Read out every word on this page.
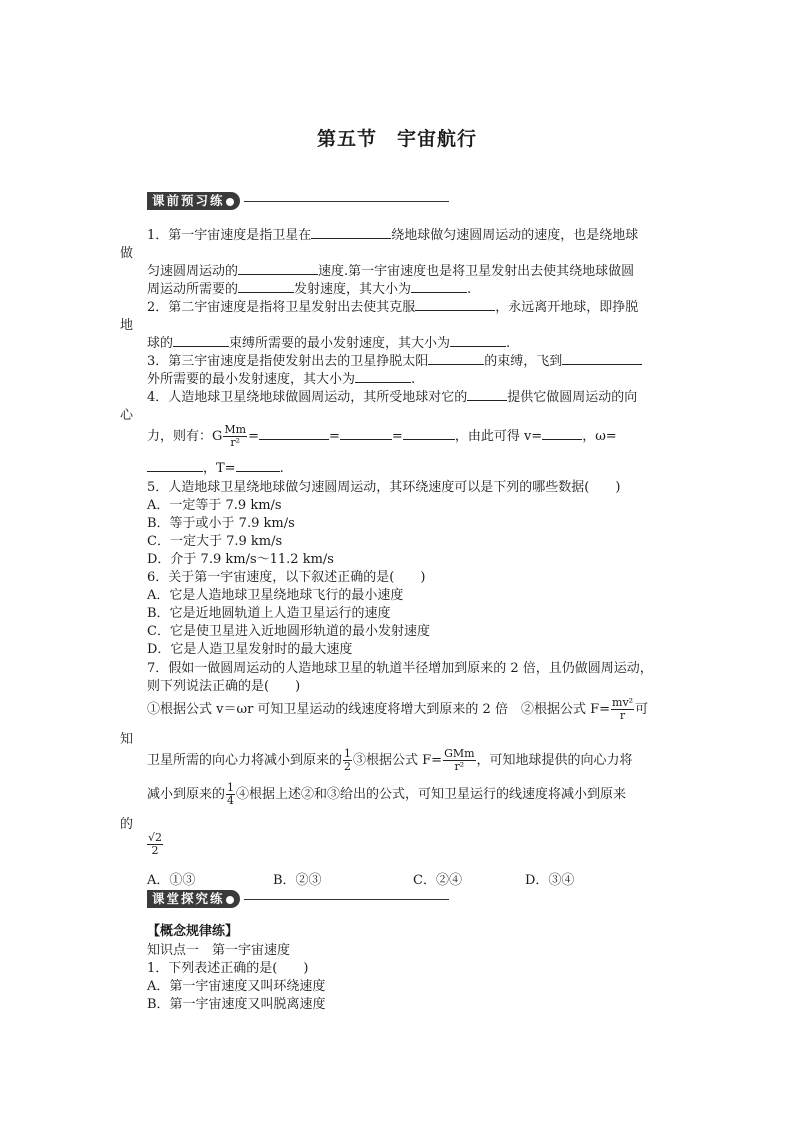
第五节　宇宙航行
课前预习练
1．第一宇宙速度是指卫星在	绕地球做匀速圆周运动的速度，也是绕地球
做
匀速圆周运动的	速度.第一宇宙速度也是将卫星发射出去使其绕地球做圆
周运动所需要的	发射速度，其大小为	.
2．第二宇宙速度是指将卫星发射出去使其克服	，永远离开地球，即挣脱
地
球的	束缚所需要的最小发射速度，其大小为	.
3．第三宇宙速度是指使发射出去的卫星挣脱太阳	的束缚，飞到
外所需要的最小发射速度，其大小为	.
4．人造地球卫星绕地球做圆周运动，其所受地球对它的	提供它做圆周运动的向
心
力，则有：G $\frac{Mm}{\text{r²}}$ =	=	=	，由此可得 v=	，ω=
，T=	.
5．人造地球卫星绕地球做匀速圆周运动，其环绕速度可以是下列的哪些数据(　　)
A．一定等于 7.9 km/s
B．等于或小于 7.9 km/s
C．一定大于 7.9 km/s
D．介于 7.9 km/s～11.2 km/s
6．关于第一宇宙速度，以下叙述正确的是(　　)
A．它是人造地球卫星绕地球飞行的最小速度
B．它是近地圆轨道上人造卫星运行的速度
C．它是使卫星进入近地圆形轨道的最小发射速度
D．它是人造卫星发射时的最大速度
7．假如一做圆周运动的人造地球卫星的轨道半径增加到原来的 2 倍，且仍做圆周运动，
则下列说法正确的是(　　)
①根据公式 v＝ωr 可知卫星运动的线速度将增大到原来的 2 倍　②根据公式 $F= \frac{\text{mv²}}{r}$ 可
知
卫星所需的向心力将减小到原来的 $\frac{1}{2}$ ③根据公式 $F= \frac{\text{GMm}}{\text{r²}}$ ，可知地球提供的向心力将
减小到原来的 $\frac{1}{4}$ ④根据上述②和③给出的公式，可知卫星运行的线速度将减小到原来
的
$\frac{√2}{2}$
A．①③	B．②③	C．②④	D．③④
课堂探究练
【概念规律练】
知识点一　第一宇宙速度
1．下列表述正确的是(　　)
A．第一宇宙速度又叫环绕速度
B．第一宇宙速度又叫脱离速度
